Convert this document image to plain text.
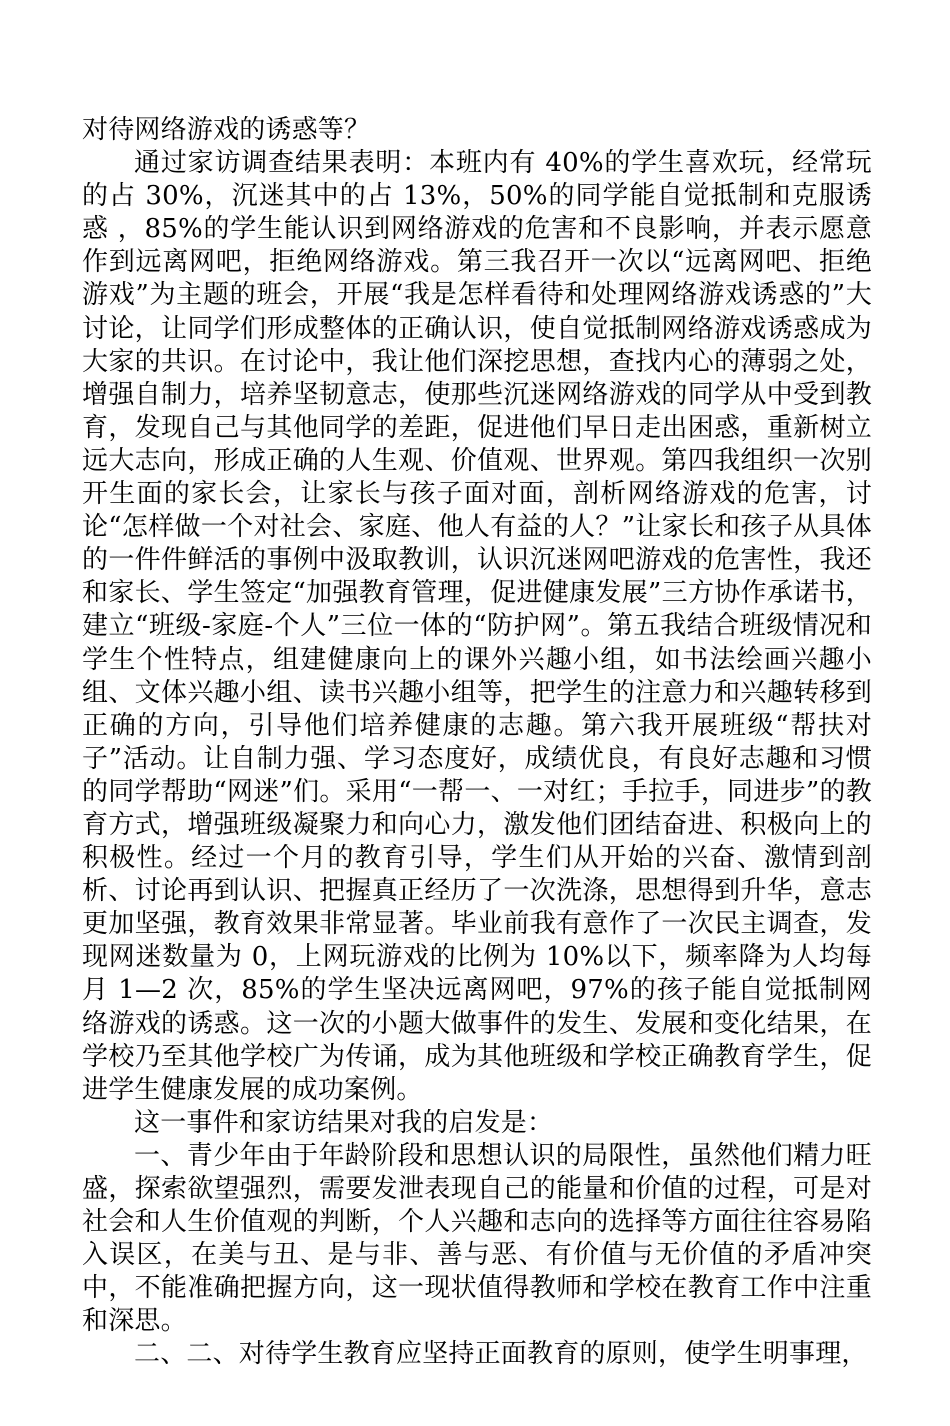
对待网络游戏的诱惑等？

通过家访调查结果表明：本班内有 40%的学生喜欢玩，经常玩的占 30%，沉迷其中的占 13%，50%的同学能自觉抵制和克服诱惑 ，85%的学生能认识到网络游戏的危害和不良影响，并表示愿意作到远离网吧，拒绝网络游戏。第三我召开一次以“远离网吧、拒绝游戏”为主题的班会，开展“我是怎样看待和处理网络游戏诱惑的”大讨论，让同学们形成整体的正确认识，使自觉抵制网络游戏诱惑成为大家的共识。在讨论中，我让他们深挖思想，查找内心的薄弱之处，增强自制力，培养坚韧意志，使那些沉迷网络游戏的同学从中受到教育，发现自己与其他同学的差距，促进他们早日走出困惑，重新树立远大志向，形成正确的人生观、价值观、世界观。第四我组织一次别开生面的家长会，让家长与孩子面对面，剖析网络游戏的危害，讨论“怎样做一个对社会、家庭、他人有益的人？”让家长和孩子从具体的一件件鲜活的事例中汲取教训，认识沉迷网吧游戏的危害性，我还和家长、学生签定“加强教育管理，促进健康发展”三方协作承诺书，建立“班级-家庭-个人”三位一体的“防护网”。第五我结合班级情况和学生个性特点，组建健康向上的课外兴趣小组，如书法绘画兴趣小组、文体兴趣小组、读书兴趣小组等，把学生的注意力和兴趣转移到正确的方向，引导他们培养健康的志趣。第六我开展班级“帮扶对子”活动。让自制力强、学习态度好，成绩优良，有良好志趣和习惯的同学帮助“网迷”们。采用“一帮一、一对红；手拉手，同进步”的教育方式，增强班级凝聚力和向心力，激发他们团结奋进、积极向上的积极性。经过一个月的教育引导，学生们从开始的兴奋、激情到剖析、讨论再到认识、把握真正经历了一次洗涤，思想得到升华，意志更加坚强，教育效果非常显著。毕业前我有意作了一次民主调查，发现网迷数量为 0，上网玩游戏的比例为 10%以下，频率降为人均每月 1—2 次，85%的学生坚决远离网吧，97%的孩子能自觉抵制网络游戏的诱惑。这一次的小题大做事件的发生、发展和变化结果，在学校乃至其他学校广为传诵，成为其他班级和学校正确教育学生，促进学生健康发展的成功案例。

这一事件和家访结果对我的启发是：

一、青少年由于年龄阶段和思想认识的局限性，虽然他们精力旺盛，探索欲望强烈，需要发泄表现自己的能量和价值的过程，可是对社会和人生价值观的判断，个人兴趣和志向的选择等方面往往容易陷入误区，在美与丑、是与非、善与恶、有价值与无价值的矛盾冲突中，不能准确把握方向，这一现状值得教师和学校在教育工作中注重和深思。

二、二、对待学生教育应坚持正面教育的原则，使学生明事理，
